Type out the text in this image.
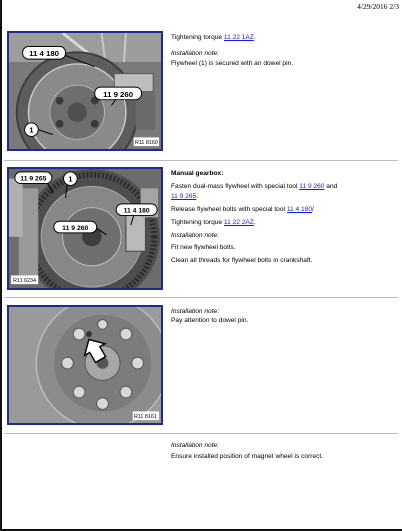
4/29/2016 2/3
11 4 180
11 9 260
1
R11 8160

Tightening torque 11 22 1AZ.

Installation note:

Flywheel (1) is secured with an dowel pin.

11 9 265	1
11 4 180
11 9 260
R11 6234

Manual gearbox:

Fasten dual-mass flywheel with special tool 11 9 260 and
11 9 265.

Release flywheel bolts with special tool 11 4 180/

Tightening torque 11 22 2AZ.

Installation note:

Fit new flywheel bolts.

Clean all threads for flywheel bolts in crankshaft.

R11 8161

Installation note:

Pay attention to dowel pin.

Installation note:

Ensure installed position of magnet wheel is correct.
